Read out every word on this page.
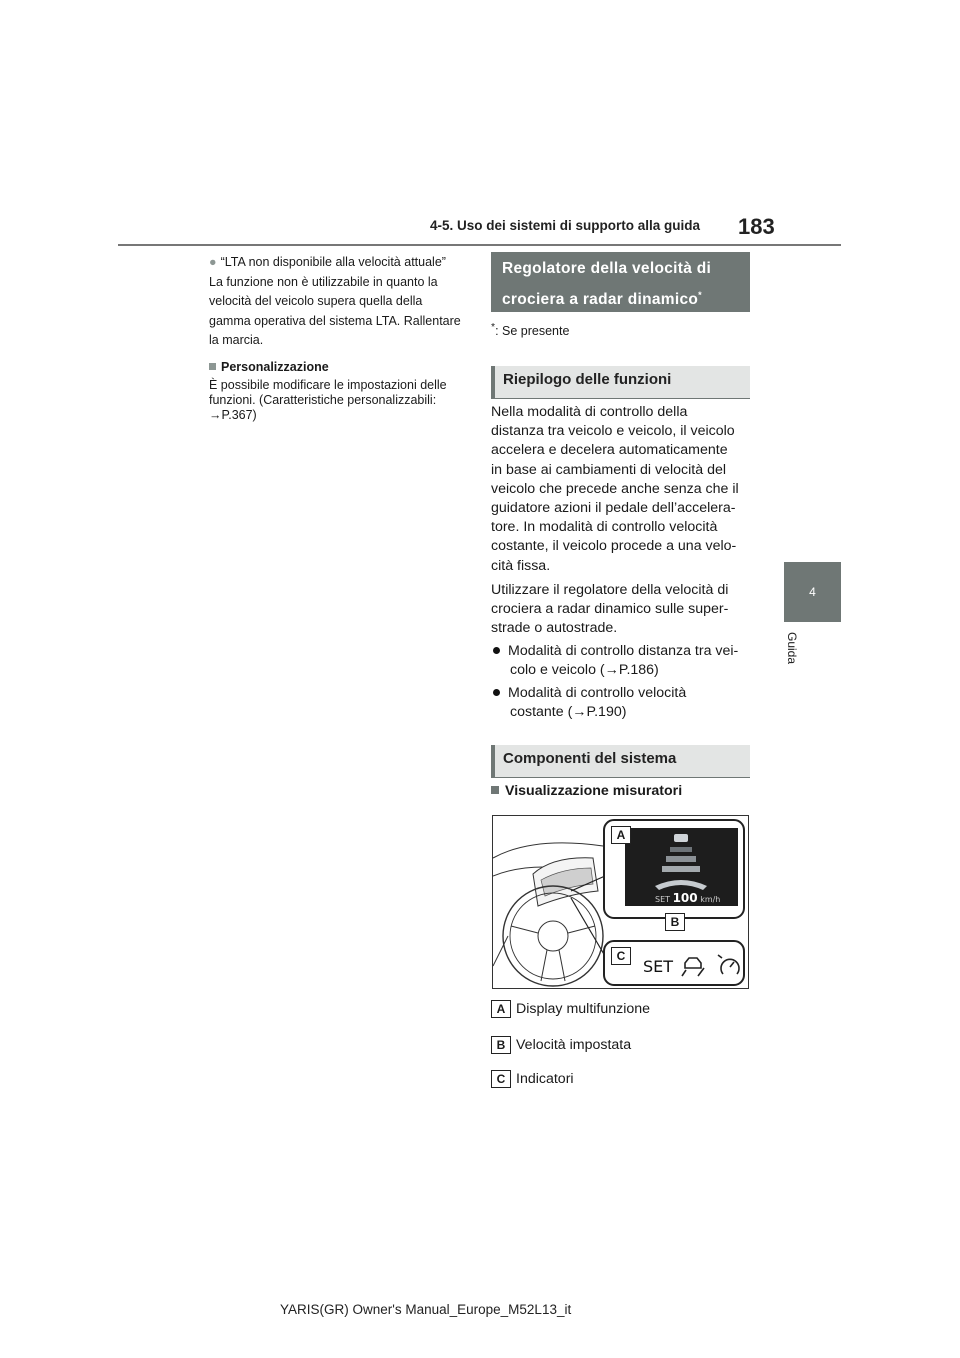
4-5. Uso dei sistemi di supporto alla guida 183
4
Guida
● “LTA non disponibile alla velocità attuale”
La funzione non è utilizzabile in quanto la
velocità del veicolo supera quella della
gamma operativa del sistema LTA. Rallentare
la marcia.
Personalizzazione
È possibile modificare le impostazioni delle
funzioni. (Caratteristiche personalizzabili:
→P.367)
Regolatore della velocità di
crociera a radar dinamico*
*: Se presente
Riepilogo delle funzioni
Nella modalità di controllo della
distanza tra veicolo e veicolo, il veicolo
accelera e decelera automaticamente
in base ai cambiamenti di velocità del
veicolo che precede anche senza che il
guidatore azioni il pedale dell’accelera-
tore. In modalità di controllo velocità
costante, il veicolo procede a una velo-
cità fissa.
Utilizzare il regolatore della velocità di
crociera a radar dinamico sulle super-
strade o autostrade.
Modalità di controllo distanza tra vei-
colo e veicolo (→P.186)
Modalità di controllo velocità
costante (→P.190)
Componenti del sistema
Visualizzazione misuratori
A
B
C
SET 100 km/h
SET
A Display multifunzione
B Velocità impostata
C Indicatori
YARIS(GR) Owner's Manual_Europe_M52L13_it
